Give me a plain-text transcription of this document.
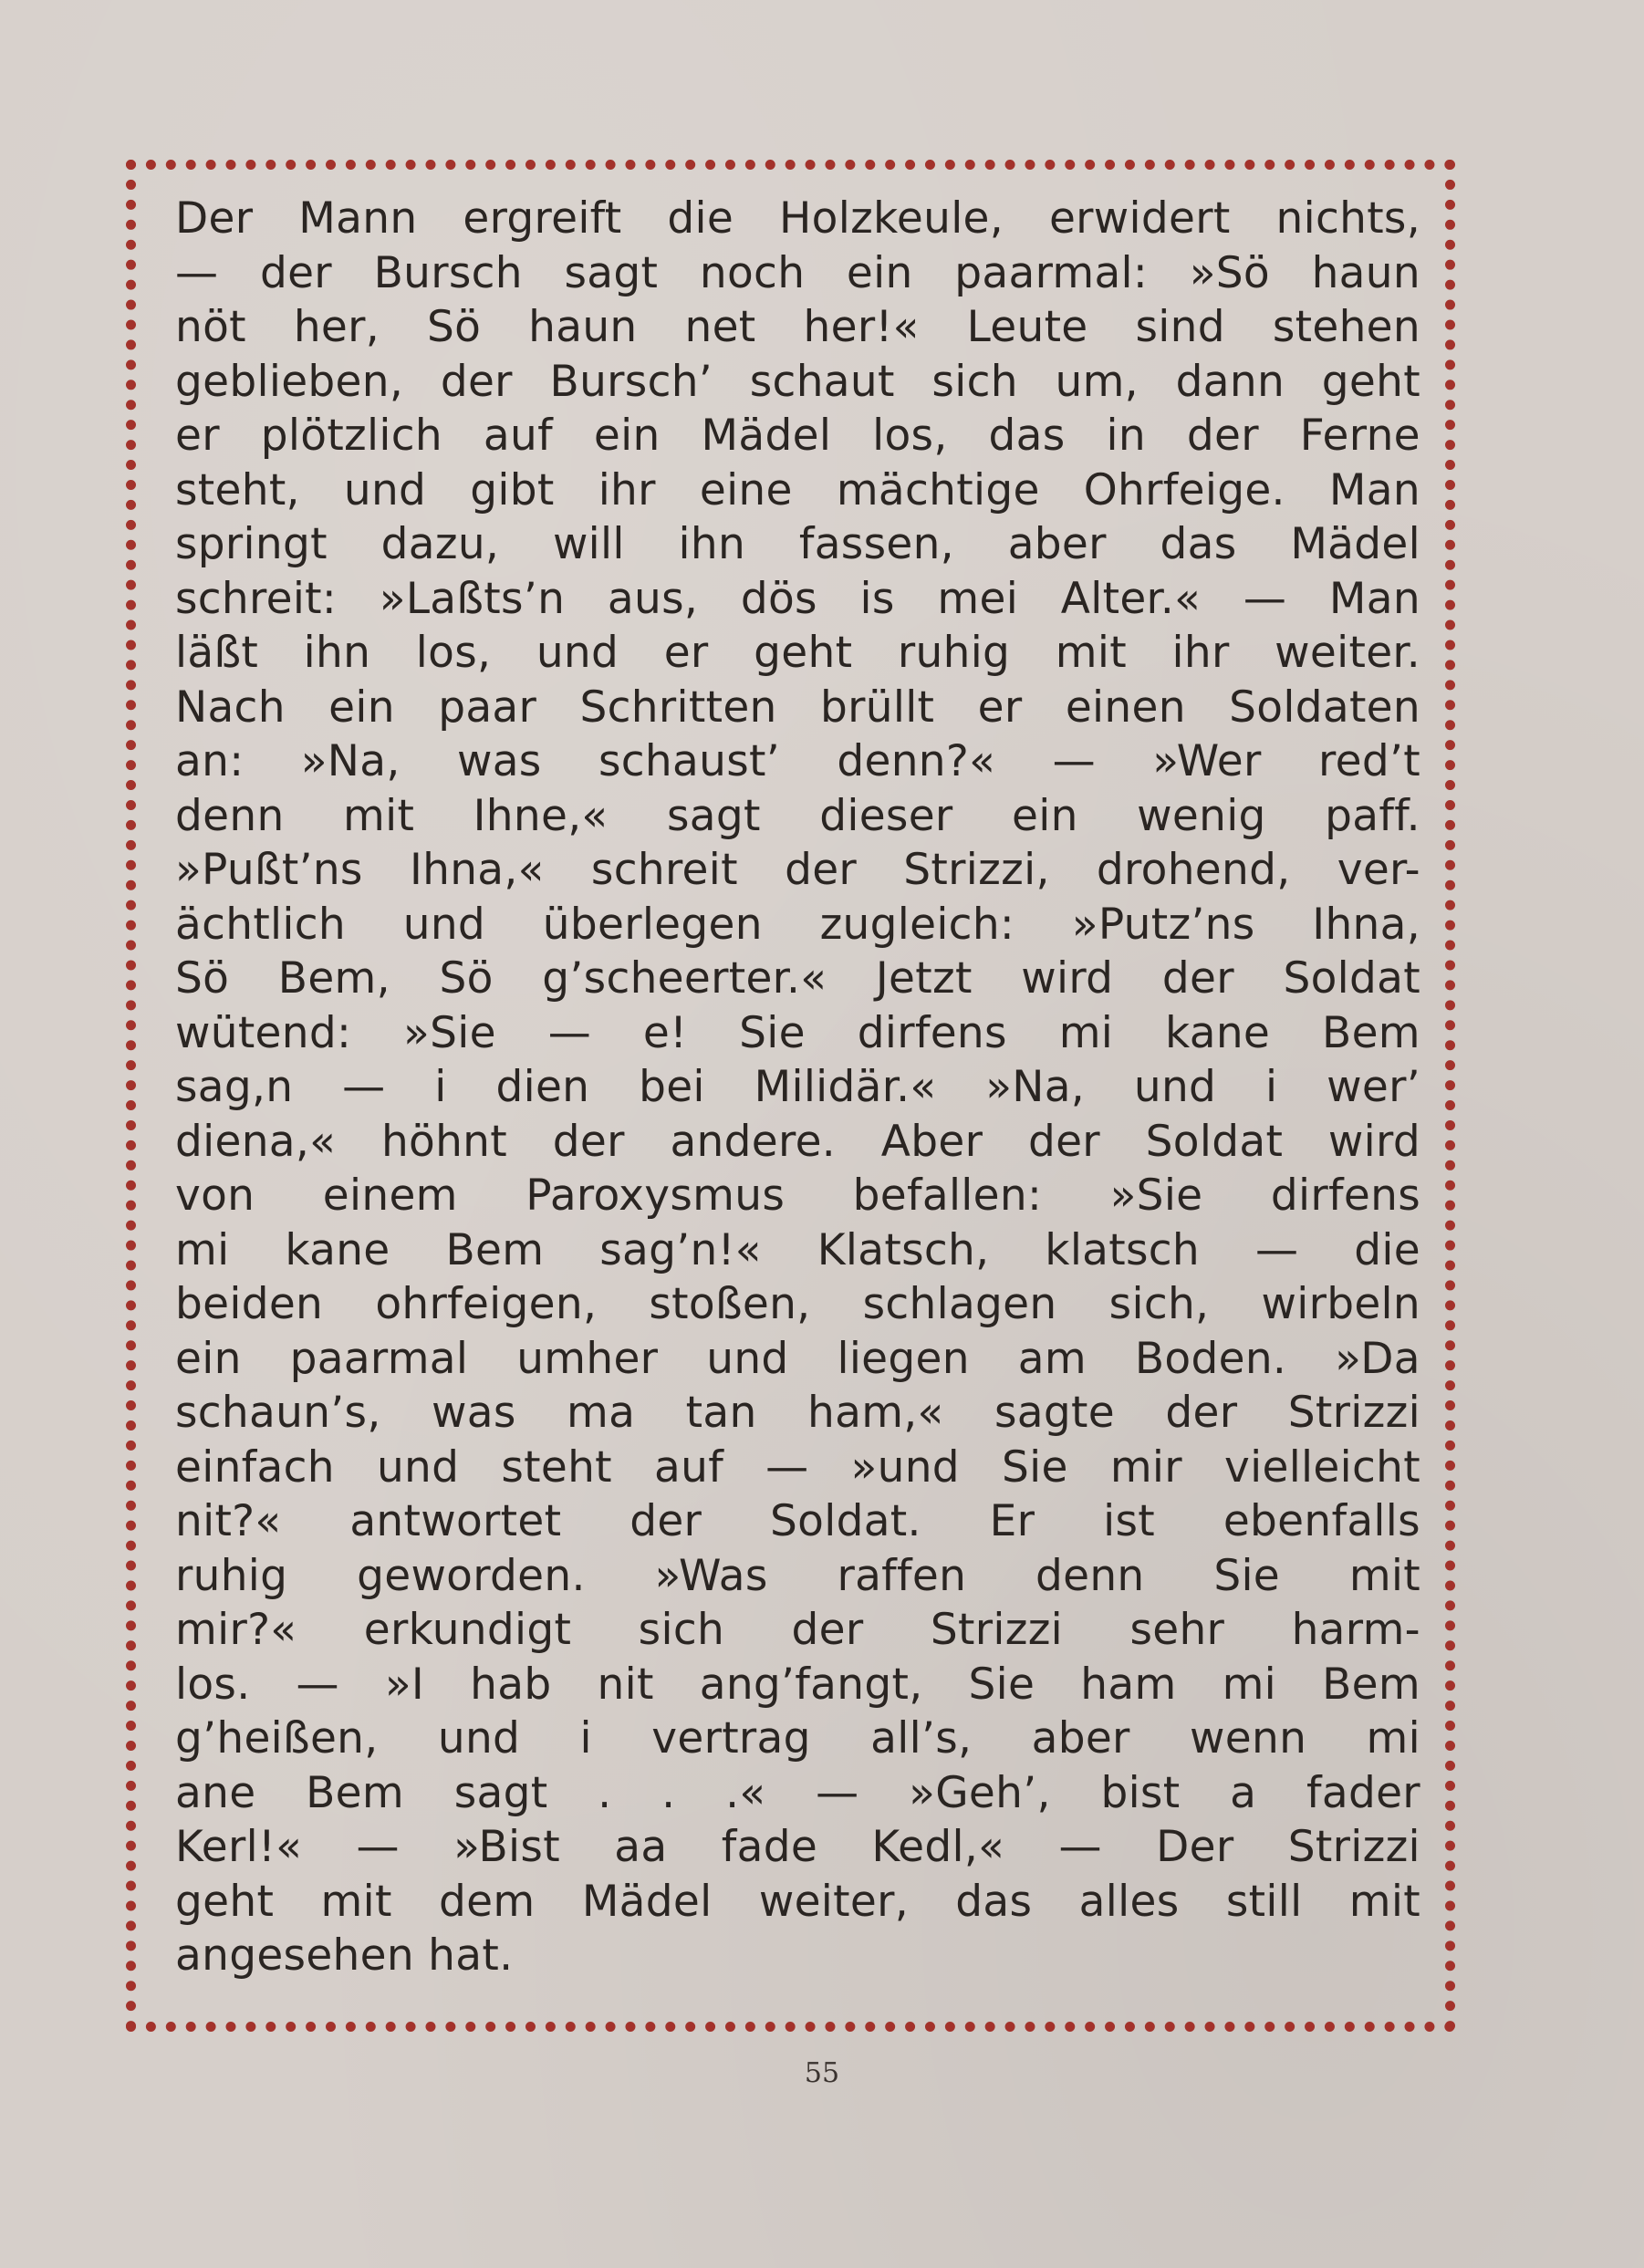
Der Mann ergreift die Holzkeule, erwidert nichts,
— der Bursch sagt noch ein paarmal: »Sö haun
nöt her, Sö haun net her!« Leute sind stehen
geblieben, der Bursch’ schaut sich um, dann geht
er plötzlich auf ein Mädel los, das in der Ferne
steht, und gibt ihr eine mächtige Ohrfeige. Man
springt dazu, will ihn fassen, aber das Mädel
schreit: »Laßts’n aus, dös is mei Alter.« — Man
läßt ihn los, und er geht ruhig mit ihr weiter.
Nach ein paar Schritten brüllt er einen Soldaten
an: »Na, was schaust’ denn?« — »Wer red’t
denn mit Ihne,« sagt dieser ein wenig paff.
»Pußt’ns Ihna,« schreit der Strizzi, drohend, ver-
ächtlich und überlegen zugleich: »Putz’ns Ihna,
Sö Bem, Sö g’scheerter.« Jetzt wird der Soldat
wütend: »Sie — e! Sie dirfens mi kane Bem
sag,n — i dien bei Milidär.« »Na, und i wer’
diena,« höhnt der andere. Aber der Soldat wird
von einem Paroxysmus befallen: »Sie dirfens
mi kane Bem sag’n!« Klatsch, klatsch — die
beiden ohrfeigen, stoßen, schlagen sich, wirbeln
ein paarmal umher und liegen am Boden. »Da
schaun’s, was ma tan ham,« sagte der Strizzi
einfach und steht auf — »und Sie mir vielleicht
nit?« antwortet der Soldat. Er ist ebenfalls
ruhig geworden. »Was raffen denn Sie mit
mir?« erkundigt sich der Strizzi sehr harm-
los. — »I hab nit ang’fangt, Sie ham mi Bem
g’heißen, und i vertrag all’s, aber wenn mi
ane Bem sagt . . .« — »Geh’, bist a fader
Kerl!« — »Bist aa fade Kedl,« — Der Strizzi
geht mit dem Mädel weiter, das alles still mit
angesehen hat.
55
